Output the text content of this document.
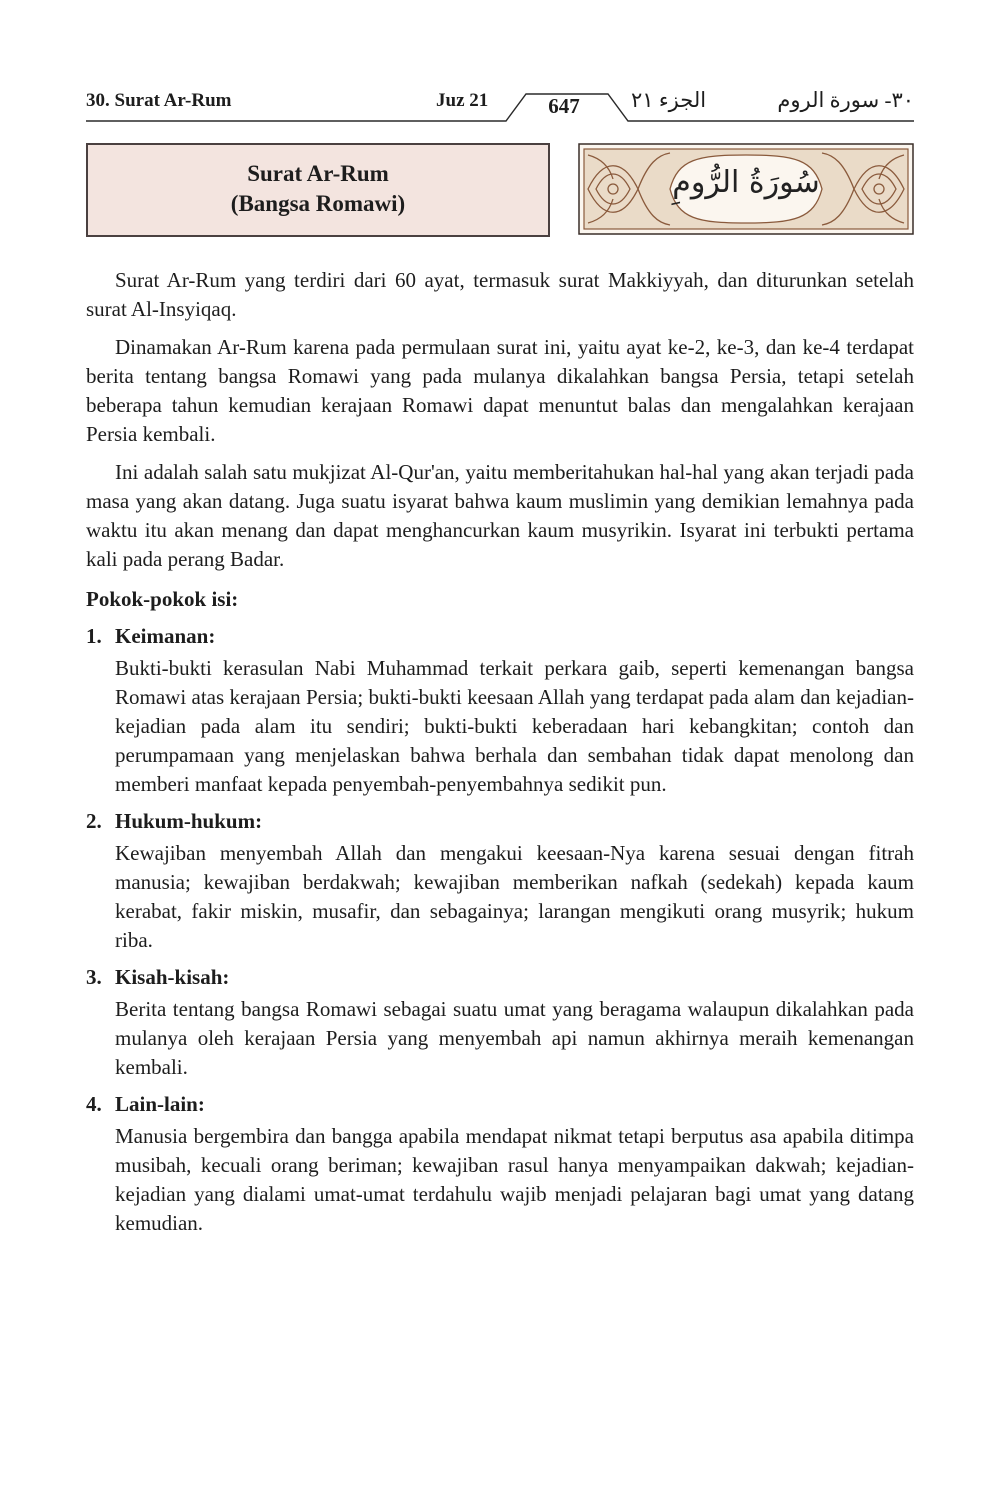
30. Surat Ar-Rum	Juz 21	647	الجزء ٢١	٣٠- سورة الروم
Surat Ar-Rum
(Bangsa Romawi)
سُورَةُ الرُّومِ

Surat Ar-Rum yang terdiri dari 60 ayat, termasuk surat Makkiyyah, dan diturunkan setelah surat Al-Insyiqaq.

Dinamakan Ar-Rum karena pada permulaan surat ini, yaitu ayat ke-2, ke-3, dan ke-4 terdapat berita tentang bangsa Romawi yang pada mulanya dikalahkan bangsa Persia, tetapi setelah beberapa tahun kemudian kerajaan Romawi dapat menuntut balas dan mengalahkan kerajaan Persia kembali.

Ini adalah salah satu mukjizat Al-Qur'an, yaitu memberitahukan hal-hal yang akan terjadi pada masa yang akan datang. Juga suatu isyarat bahwa kaum muslimin yang demikian lemahnya pada waktu itu akan menang dan dapat menghancurkan kaum musyrikin. Isyarat ini terbukti pertama kali pada perang Badar.

Pokok-pokok isi:
1. Keimanan:
Bukti-bukti kerasulan Nabi Muhammad terkait perkara gaib, seperti kemenangan bangsa Romawi atas kerajaan Persia; bukti-bukti keesaan Allah yang terdapat pada alam dan kejadian-kejadian pada alam itu sendiri; bukti-bukti keberadaan hari kebangkitan; contoh dan perumpamaan yang menjelaskan bahwa berhala dan sembahan tidak dapat menolong dan memberi manfaat kepada penyembah-penyembahnya sedikit pun.
2. Hukum-hukum:
Kewajiban menyembah Allah dan mengakui keesaan-Nya karena sesuai dengan fitrah manusia; kewajiban berdakwah; kewajiban memberikan nafkah (sedekah) kepada kaum kerabat, fakir miskin, musafir, dan sebagainya; larangan mengikuti orang musyrik; hukum riba.
3. Kisah-kisah:
Berita tentang bangsa Romawi sebagai suatu umat yang beragama walaupun dikalahkan pada mulanya oleh kerajaan Persia yang menyembah api namun akhirnya meraih kemenangan kembali.
4. Lain-lain:
Manusia bergembira dan bangga apabila mendapat nikmat tetapi berputus asa apabila ditimpa musibah, kecuali orang beriman; kewajiban rasul hanya menyampaikan dakwah; kejadian-kejadian yang dialami umat-umat terdahulu wajib menjadi pelajaran bagi umat yang datang kemudian.
